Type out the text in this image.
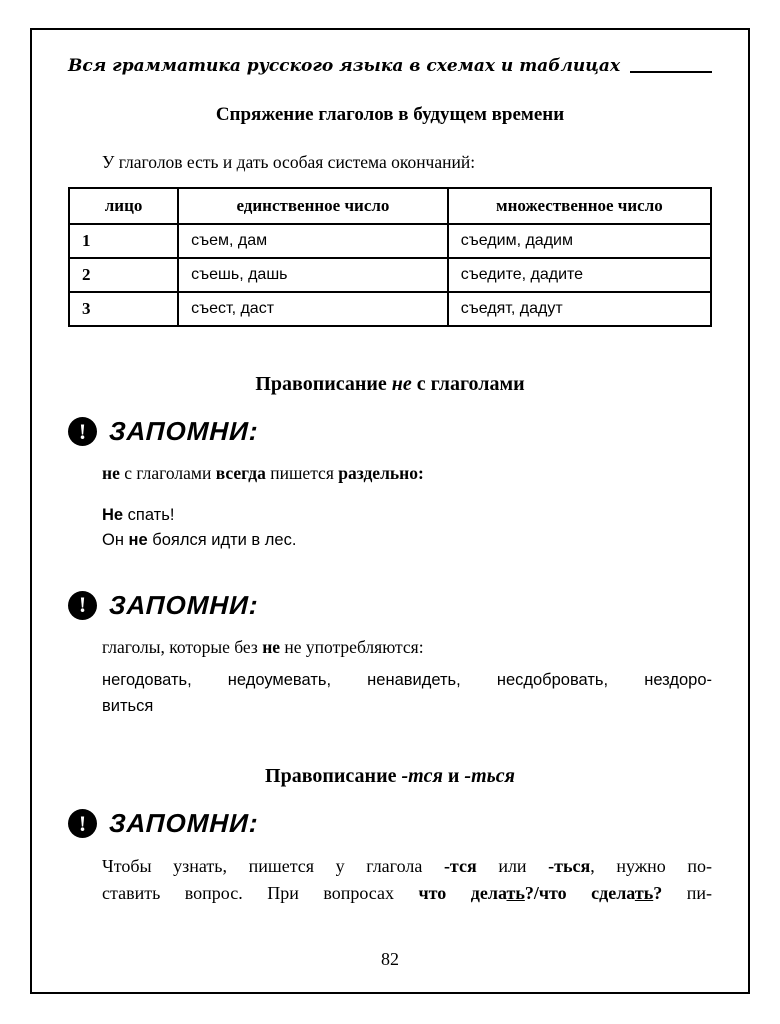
Вся грамматика русского языка в схемах и таблицах
Спряжение глаголов в будущем времени

У глаголов есть и дать особая система окончаний:

лицо	единственное число	множественное число
1	съем, дам	съедим, дадим
2	съешь, дашь	съедите, дадите
3	съест, даст	съедят, дадут
Правописание не с глаголами
! ЗАПОМНИ:

не с глаголами всегда пишется раздельно:

Не спать!
Он не боялся идти в лес.
! ЗАПОМНИ:

глаголы, которые без не не употребляются:

негодовать, недоумевать, ненавидеть, несдобровать, нездоро-
виться
Правописание -тся и -ться
! ЗАПОМНИ:
Чтобы узнать, пишется у глагола -тся или -ться, нужно по-
ставить вопрос. При вопросах что делать?/что сделать? пи-
82
